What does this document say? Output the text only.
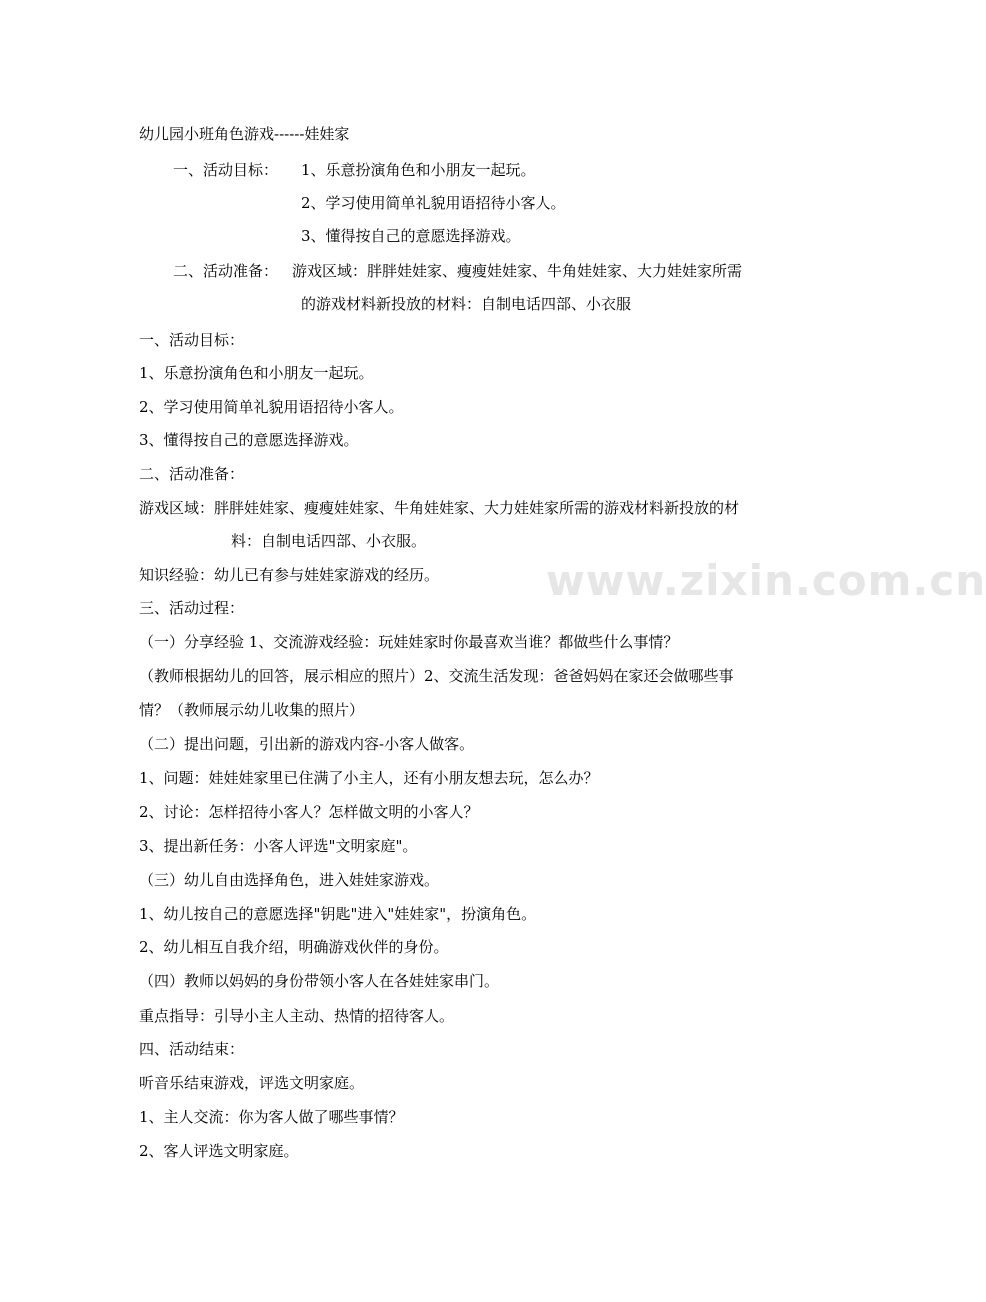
www.zixin.com.cn
幼儿园小班角色游戏------娃娃家
一、活动目标： 1、乐意扮演角色和小朋友一起玩。
2、学习使用简单礼貌用语招待小客人。
3、懂得按自己的意愿选择游戏。
二、活动准备： 游戏区域：胖胖娃娃家、瘦瘦娃娃家、牛角娃娃家、大力娃娃家所需
的游戏材料新投放的材料：自制电话四部、小衣服
一、活动目标：
1、乐意扮演角色和小朋友一起玩。
2、学习使用简单礼貌用语招待小客人。
3、懂得按自己的意愿选择游戏。
二、活动准备：
游戏区域：胖胖娃娃家、瘦瘦娃娃家、牛角娃娃家、大力娃娃家所需的游戏材料新投放的材
料：自制电话四部、小衣服。
知识经验：幼儿已有参与娃娃家游戏的经历。
三、活动过程：
（一）分享经验 1、交流游戏经验：玩娃娃家时你最喜欢当谁？都做些什么事情？
（教师根据幼儿的回答，展示相应的照片）2、交流生活发现：爸爸妈妈在家还会做哪些事
情？（教师展示幼儿收集的照片）
（二）提出问题，引出新的游戏内容-小客人做客。
1、问题：娃娃娃家里已住满了小主人，还有小朋友想去玩，怎么办？
2、讨论：怎样招待小客人？怎样做文明的小客人？
3、提出新任务：小客人评选"文明家庭"。
（三）幼儿自由选择角色，进入娃娃家游戏。
1、幼儿按自己的意愿选择"钥匙"进入"娃娃家"，扮演角色。
2、幼儿相互自我介绍，明确游戏伙伴的身份。
（四）教师以妈妈的身份带领小客人在各娃娃家串门。
重点指导：引导小主人主动、热情的招待客人。
四、活动结束：
听音乐结束游戏，评选文明家庭。
1、主人交流：你为客人做了哪些事情？
2、客人评选文明家庭。
